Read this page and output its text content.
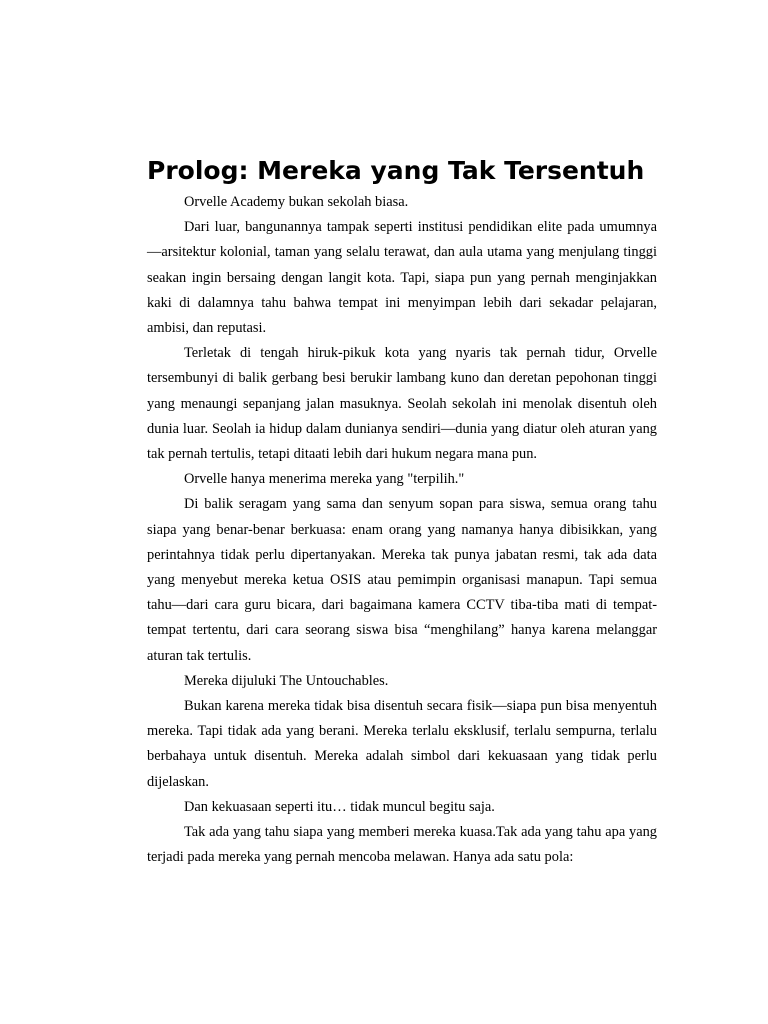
Prolog: Mereka yang Tak Tersentuh

Orvelle Academy bukan sekolah biasa.

Dari luar, bangunannya tampak seperti institusi pendidikan elite pada umumnya—arsitektur kolonial, taman yang selalu terawat, dan aula utama yang menjulang tinggi seakan ingin bersaing dengan langit kota. Tapi, siapa pun yang pernah menginjakkan kaki di dalamnya tahu bahwa tempat ini menyimpan lebih dari sekadar pelajaran, ambisi, dan reputasi.

Terletak di tengah hiruk-pikuk kota yang nyaris tak pernah tidur, Orvelle tersembunyi di balik gerbang besi berukir lambang kuno dan deretan pepohonan tinggi yang menaungi sepanjang jalan masuknya. Seolah sekolah ini menolak disentuh oleh dunia luar. Seolah ia hidup dalam dunianya sendiri—dunia yang diatur oleh aturan yang tak pernah tertulis, tetapi ditaati lebih dari hukum negara mana pun.

Orvelle hanya menerima mereka yang "terpilih."

Di balik seragam yang sama dan senyum sopan para siswa, semua orang tahu siapa yang benar-benar berkuasa: enam orang yang namanya hanya dibisikkan, yang perintahnya tidak perlu dipertanyakan. Mereka tak punya jabatan resmi, tak ada data yang menyebut mereka ketua OSIS atau pemimpin organisasi manapun. Tapi semua tahu—dari cara guru bicara, dari bagaimana kamera CCTV tiba-tiba mati di tempat-tempat tertentu, dari cara seorang siswa bisa “menghilang” hanya karena melanggar aturan tak tertulis.

Mereka dijuluki The Untouchables.

Bukan karena mereka tidak bisa disentuh secara fisik—siapa pun bisa menyentuh mereka. Tapi tidak ada yang berani. Mereka terlalu eksklusif, terlalu sempurna, terlalu berbahaya untuk disentuh. Mereka adalah simbol dari kekuasaan yang tidak perlu dijelaskan.

Dan kekuasaan seperti itu… tidak muncul begitu saja.

Tak ada yang tahu siapa yang memberi mereka kuasa.Tak ada yang tahu apa yang terjadi pada mereka yang pernah mencoba melawan. Hanya ada satu pola:
